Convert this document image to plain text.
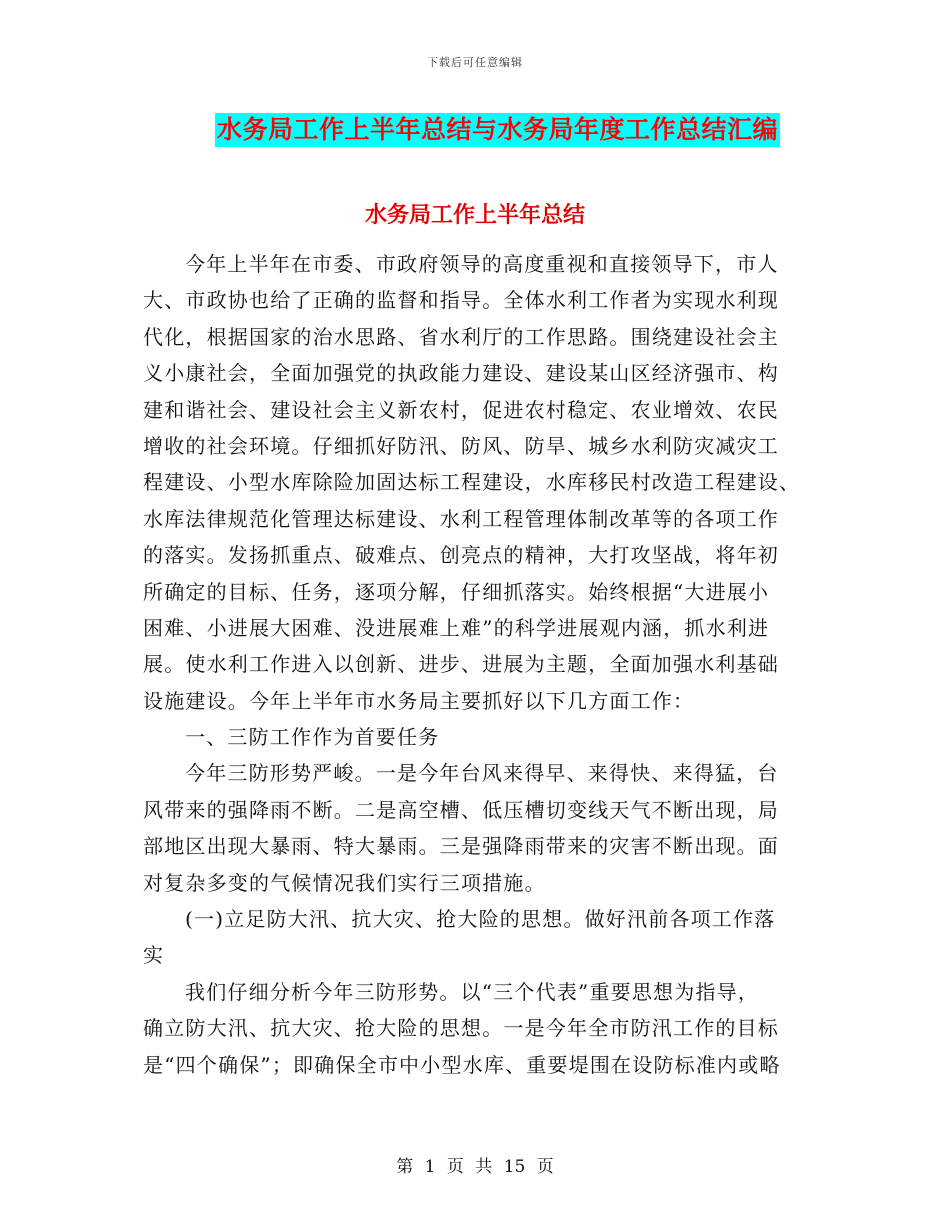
下载后可任意编辑
水务局工作上半年总结与水务局年度工作总结汇编
水务局工作上半年总结
今年上半年在市委、市政府领导的高度重视和直接领导下，市人
大、市政协也给了正确的监督和指导。全体水利工作者为实现水利现
代化，根据国家的治水思路、省水利厅的工作思路。围绕建设社会主
义小康社会，全面加强党的执政能力建设、建设某山区经济强市、构
建和谐社会、建设社会主义新农村，促进农村稳定、农业增效、农民
增收的社会环境。仔细抓好防汛、防风、防旱、城乡水利防灾减灾工
程建设、小型水库除险加固达标工程建设，水库移民村改造工程建设、
水库法律规范化管理达标建设、水利工程管理体制改革等的各项工作
的落实。发扬抓重点、破难点、创亮点的精神，大打攻坚战，将年初
所确定的目标、任务，逐项分解，仔细抓落实。始终根据“大进展小
困难、小进展大困难、没进展难上难”的科学进展观内涵，抓水利进
展。使水利工作进入以创新、进步、进展为主题，全面加强水利基础
设施建设。今年上半年市水务局主要抓好以下几方面工作：
一、三防工作作为首要任务
今年三防形势严峻。一是今年台风来得早、来得快、来得猛，台
风带来的强降雨不断。二是高空槽、低压槽切变线天气不断出现，局
部地区出现大暴雨、特大暴雨。三是强降雨带来的灾害不断出现。面
对复杂多变的气候情况我们实行三项措施。
(一)立足防大汛、抗大灾、抢大险的思想。做好汛前各项工作落
实
我们仔细分析今年三防形势。以“三个代表”重要思想为指导，
确立防大汛、抗大灾、抢大险的思想。一是今年全市防汛工作的目标
是“四个确保”；即确保全市中小型水库、重要堤围在设防标准内或略
第 1 页 共 15 页
